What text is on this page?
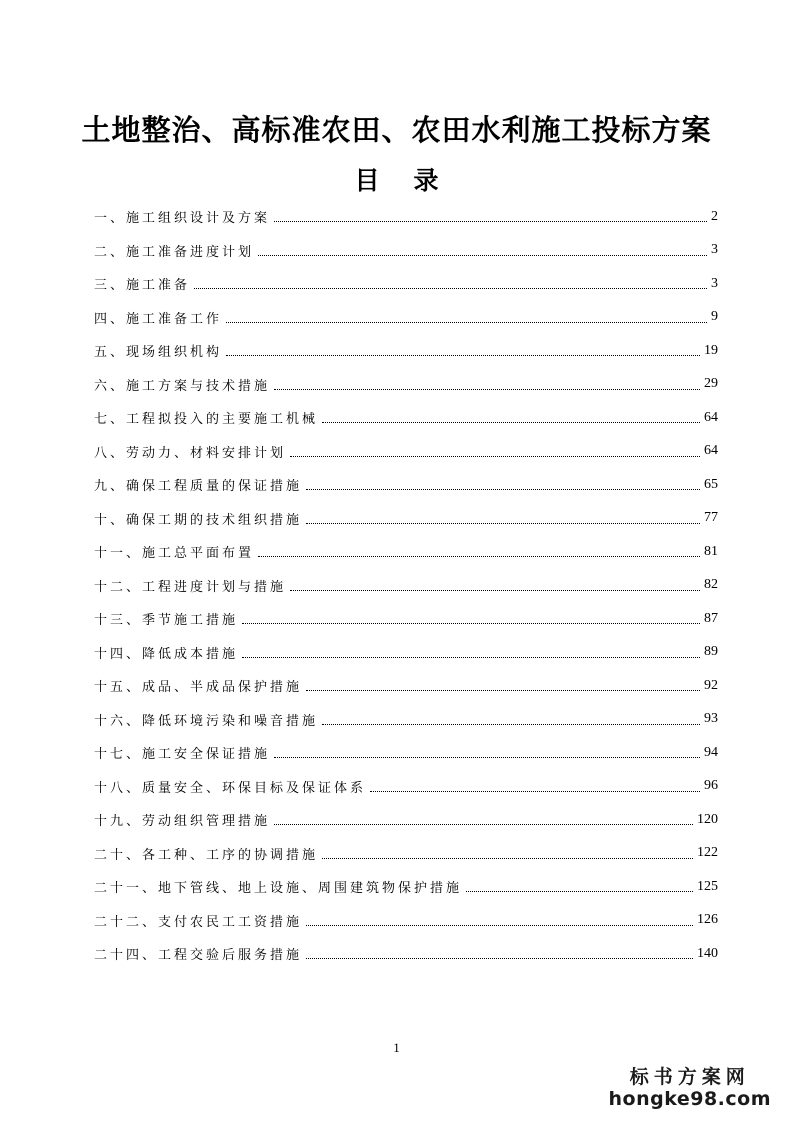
土地整治、高标准农田、农田水利施工投标方案
目 录
一、施工组织设计及方案	2
二、施工准备进度计划	3
三、施工准备	3
四、施工准备工作	9
五、现场组织机构	19
六、施工方案与技术措施	29
七、工程拟投入的主要施工机械	64
八、劳动力、材料安排计划	64
九、确保工程质量的保证措施	65
十、确保工期的技术组织措施	77
十一、施工总平面布置	81
十二、工程进度计划与措施	82
十三、季节施工措施	87
十四、降低成本措施	89
十五、成品、半成品保护措施	92
十六、降低环境污染和噪音措施	93
十七、施工安全保证措施	94
十八、质量安全、环保目标及保证体系	96
十九、劳动组织管理措施	120
二十、各工种、工序的协调措施	122
二十一、地下管线、地上设施、周围建筑物保护措施	125
二十二、支付农民工工资措施	126
二十四、工程交验后服务措施	140
1
标书方案网
hongke98.com
